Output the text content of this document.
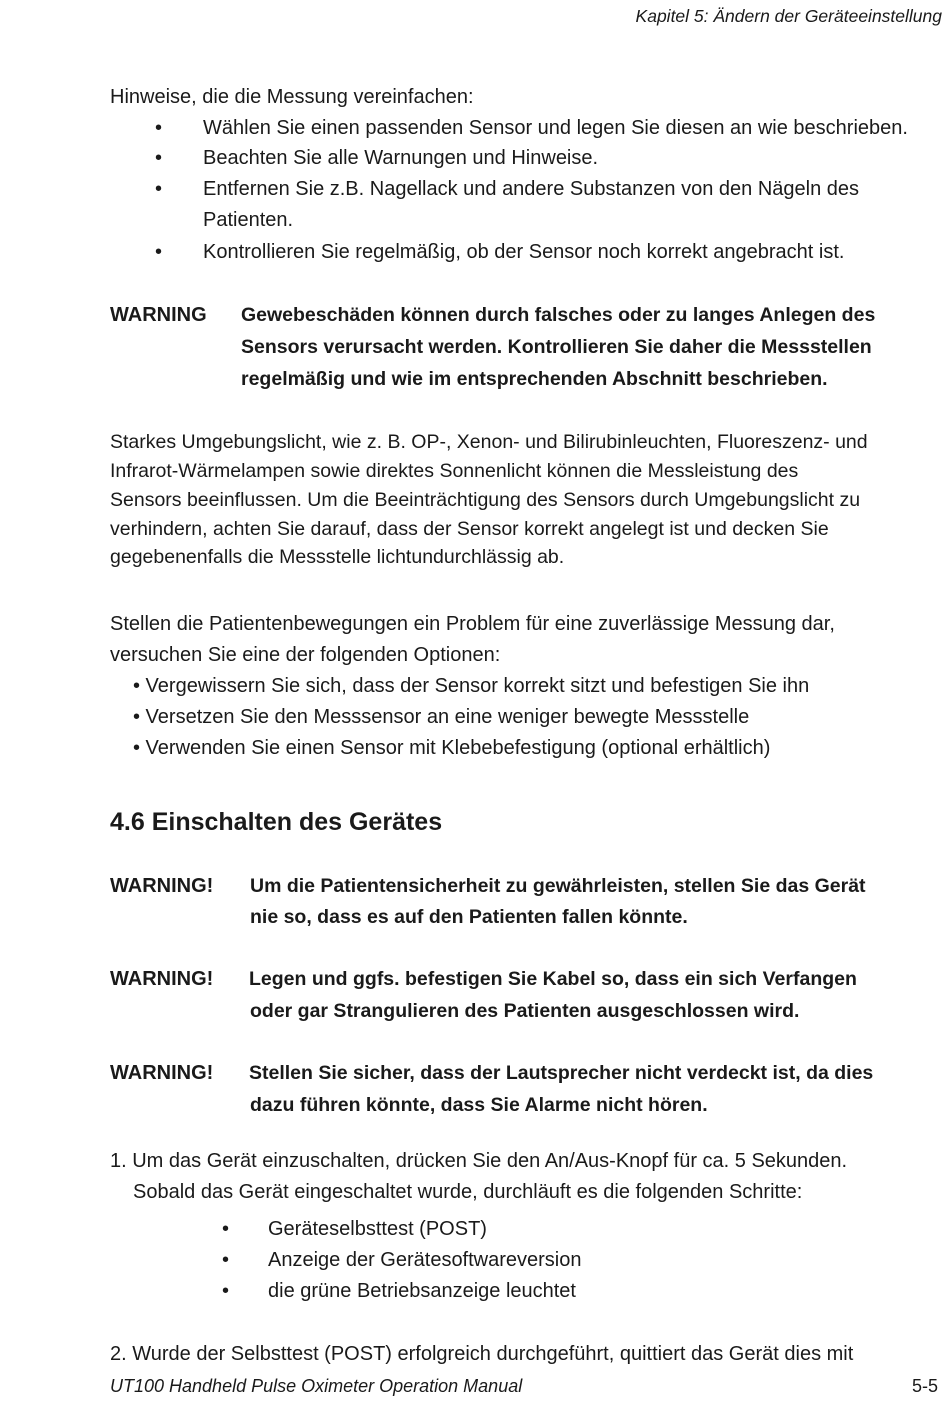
Kapitel 5: Ändern der Geräteeinstellung
Hinweise, die die Messung vereinfachen:
• Wählen Sie einen passenden Sensor und legen Sie diesen an wie beschrieben.
• Beachten Sie alle Warnungen und Hinweise.
• Entfernen Sie z.B. Nagellack und andere Substanzen von den Nägeln des
Patienten.
• Kontrollieren Sie regelmäßig, ob der Sensor noch korrekt angebracht ist.
WARNING Gewebeschäden können durch falsches oder zu langes Anlegen des
Sensors verursacht werden. Kontrollieren Sie daher die Messstellen
regelmäßig und wie im entsprechenden Abschnitt beschrieben.
Starkes Umgebungslicht, wie z. B. OP-, Xenon- und Bilirubinleuchten, Fluoreszenz- und
Infrarot-Wärmelampen sowie direktes Sonnenlicht können die Messleistung des
Sensors beeinflussen. Um die Beeinträchtigung des Sensors durch Umgebungslicht zu
verhindern, achten Sie darauf, dass der Sensor korrekt angelegt ist und decken Sie
gegebenenfalls die Messstelle lichtundurchlässig ab.
Stellen die Patientenbewegungen ein Problem für eine zuverlässige Messung dar,
versuchen Sie eine der folgenden Optionen:
• Vergewissern Sie sich, dass der Sensor korrekt sitzt und befestigen Sie ihn
• Versetzen Sie den Messsensor an eine weniger bewegte Messstelle
• Verwenden Sie einen Sensor mit Klebebefestigung (optional erhältlich)
4.6 Einschalten des Gerätes
WARNING! Um die Patientensicherheit zu gewährleisten, stellen Sie das Gerät
nie so, dass es auf den Patienten fallen könnte.
WARNING! Legen und ggfs. befestigen Sie Kabel so, dass ein sich Verfangen
oder gar Strangulieren des Patienten ausgeschlossen wird.
WARNING! Stellen Sie sicher, dass der Lautsprecher nicht verdeckt ist, da dies
dazu führen könnte, dass Sie Alarme nicht hören.
1. Um das Gerät einzuschalten, drücken Sie den An/Aus-Knopf für ca. 5 Sekunden.
Sobald das Gerät eingeschaltet wurde, durchläuft es die folgenden Schritte:
• Geräteselbsttest (POST)
• Anzeige der Gerätesoftwareversion
• die grüne Betriebsanzeige leuchtet
2. Wurde der Selbsttest (POST) erfolgreich durchgeführt, quittiert das Gerät dies mit
UT100 Handheld Pulse Oximeter Operation Manual	5-5
